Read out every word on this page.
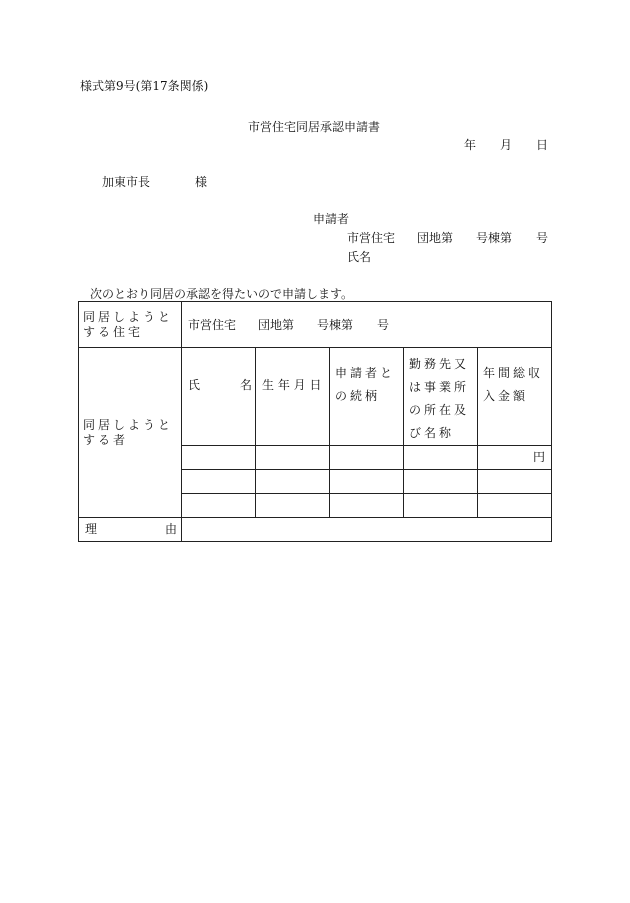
様式第9号(第17条関係)
市営住宅同居承認申請書
年 月 日
加東市長	様
申請者
市営住宅 団地第 号棟第 号
氏名
次のとおり同居の承認を得たいので申請します。
同居しようとする住宅	市営住宅 団地第 号棟第 号				

同居しようとする者	氏 名	生 年 月 日	申請者との続柄	勤務先又は事業所の所在及び名称	年間総収入金額

					円

理 由					
